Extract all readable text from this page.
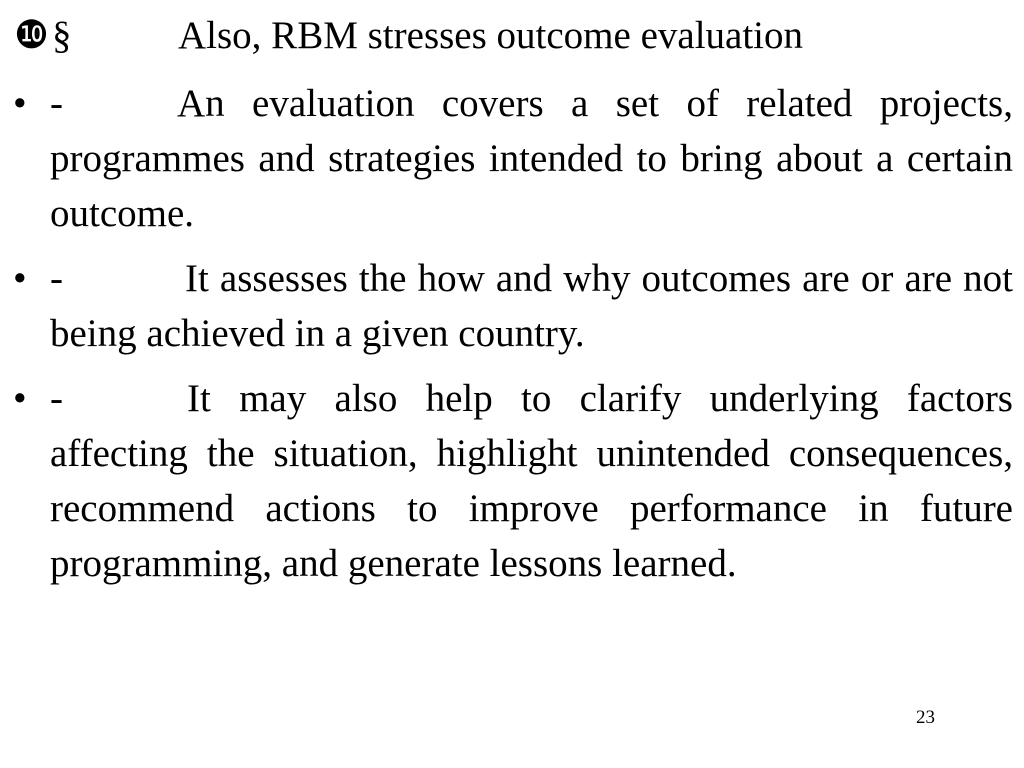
❿ §	Also, RBM stresses outcome evaluation
• -	An evaluation covers a set of related projects, programmes and strategies intended to bring about a certain outcome.
• -	It assesses the how and why outcomes are or are not being achieved in a given country.
• -	It may also help to clarify underlying factors affecting the situation, highlight unintended consequences, recommend actions to improve performance in future programming, and generate lessons learned.
23
